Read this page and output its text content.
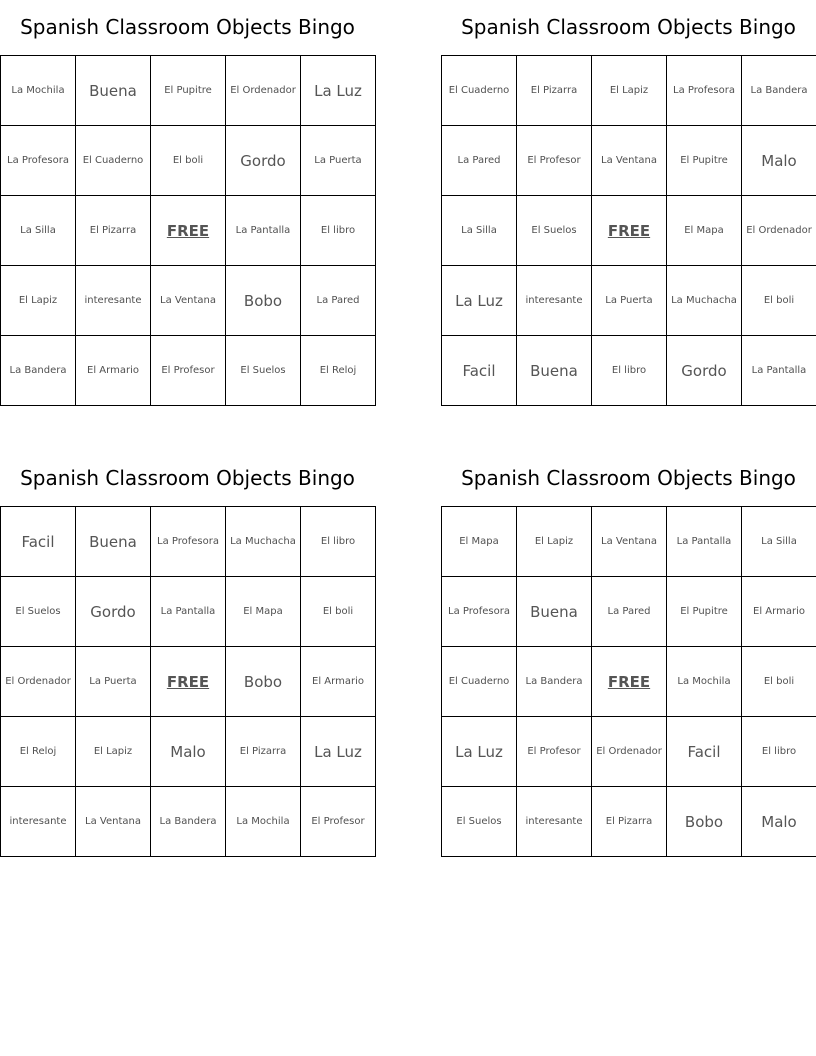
Spanish Classroom Objects Bingo
La Mochila	Buena	El Pupitre	El Ordenador	La Luz
La Profesora	El Cuaderno	El boli	Gordo	La Puerta
La Silla	El Pizarra	FREE	La Pantalla	El libro
El Lapiz	interesante	La Ventana	Bobo	La Pared
La Bandera	El Armario	El Profesor	El Suelos	El Reloj
Spanish Classroom Objects Bingo
El Cuaderno	El Pizarra	El Lapiz	La Profesora	La Bandera
La Pared	El Profesor	La Ventana	El Pupitre	Malo
La Silla	El Suelos	FREE	El Mapa	El Ordenador
La Luz	interesante	La Puerta	La Muchacha	El boli
Facil	Buena	El libro	Gordo	La Pantalla
Spanish Classroom Objects Bingo
Facil	Buena	La Profesora	La Muchacha	El libro
El Suelos	Gordo	La Pantalla	El Mapa	El boli
El Ordenador	La Puerta	FREE	Bobo	El Armario
El Reloj	El Lapiz	Malo	El Pizarra	La Luz
interesante	La Ventana	La Bandera	La Mochila	El Profesor
Spanish Classroom Objects Bingo
El Mapa	El Lapiz	La Ventana	La Pantalla	La Silla
La Profesora	Buena	La Pared	El Pupitre	El Armario
El Cuaderno	La Bandera	FREE	La Mochila	El boli
La Luz	El Profesor	El Ordenador	Facil	El libro
El Suelos	interesante	El Pizarra	Bobo	Malo
